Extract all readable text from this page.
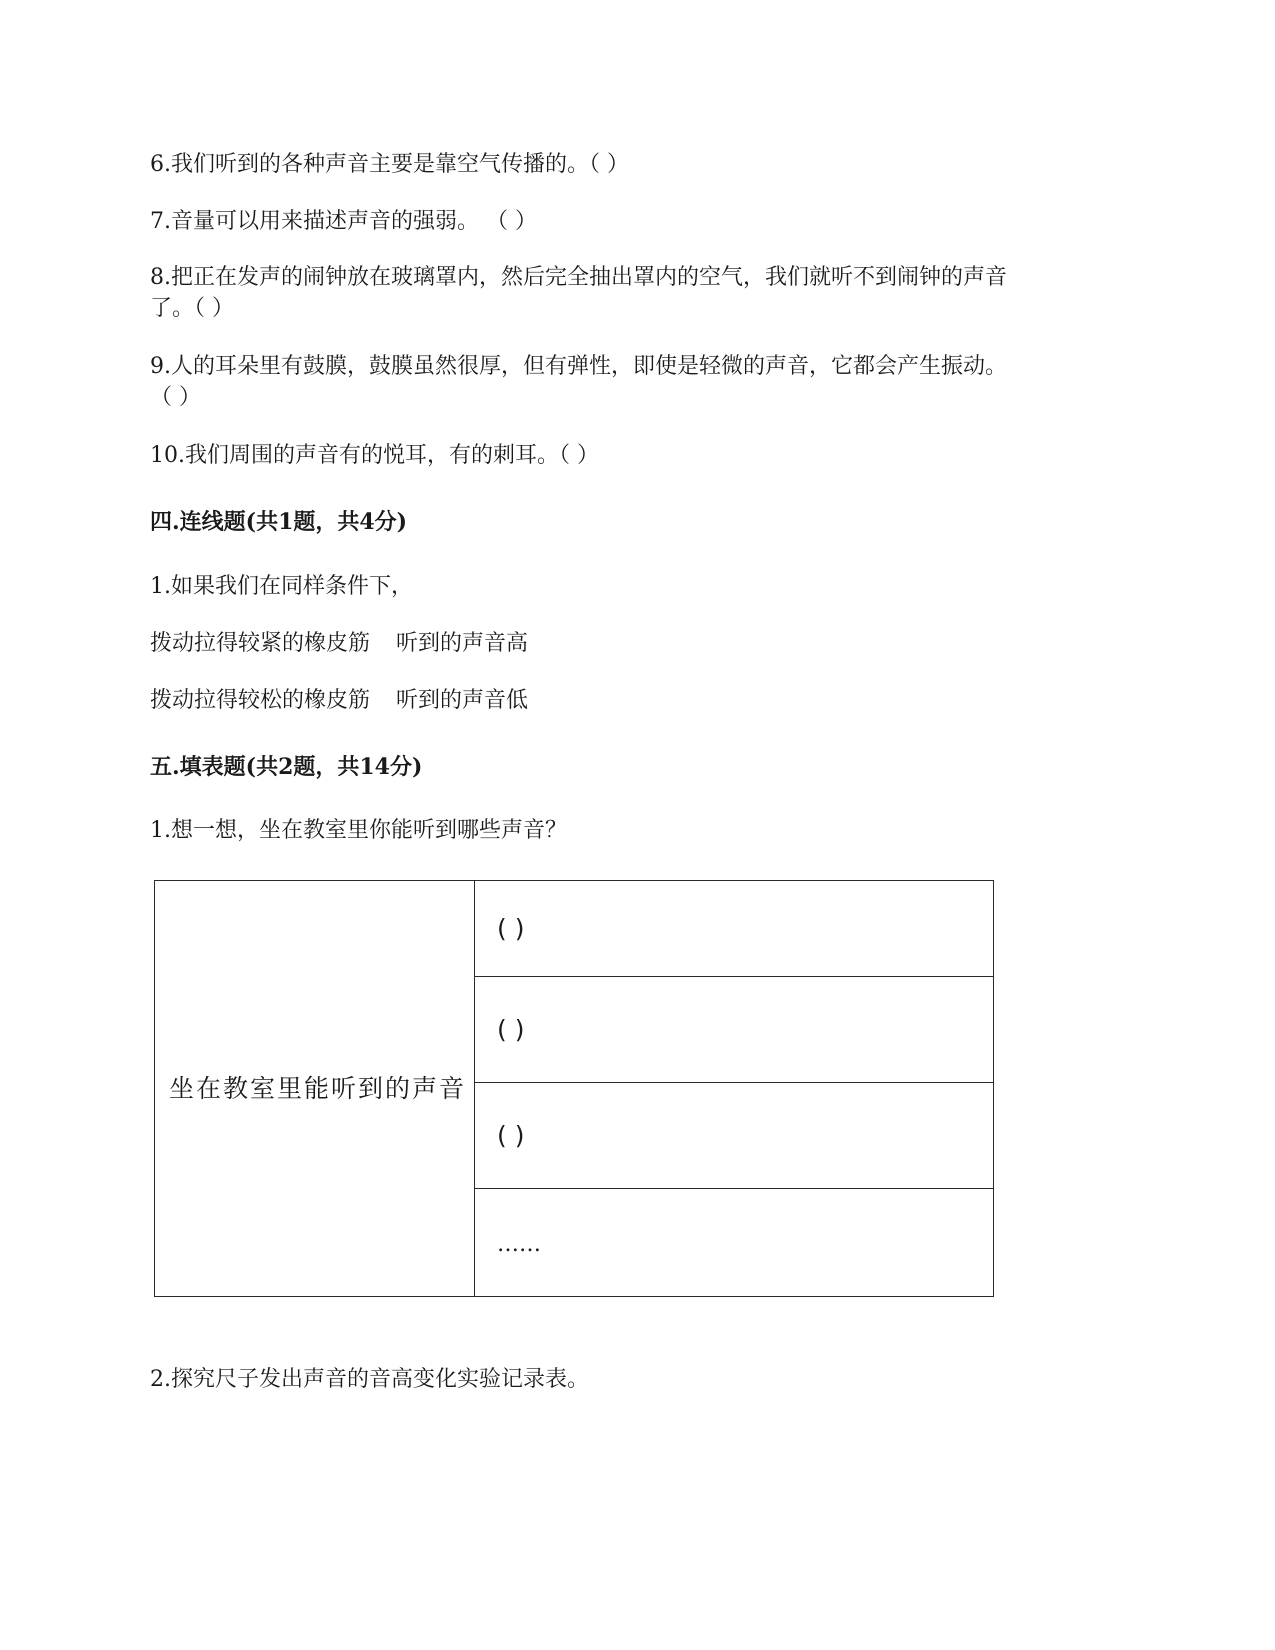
6.我们听到的各种声音主要是靠空气传播的。（ ）
7.音量可以用来描述声音的强弱。 （ ）
8.把正在发声的闹钟放在玻璃罩内，然后完全抽出罩内的空气，我们就听不到闹钟的声音
了。（ ）
9.人的耳朵里有鼓膜，鼓膜虽然很厚，但有弹性，即使是轻微的声音，它都会产生振动。
（ ）
10.我们周围的声音有的悦耳，有的刺耳。（ ）
四.连线题(共1题，共4分)
1.如果我们在同样条件下，
拨动拉得较紧的橡皮筋 听到的声音高
拨动拉得较松的橡皮筋 听到的声音低
五.填表题(共2题，共14分)
1.想一想，坐在教室里你能听到哪些声音？
坐在教室里能听到的声音	( )
( )
( )
……
2.探究尺子发出声音的音高变化实验记录表。
